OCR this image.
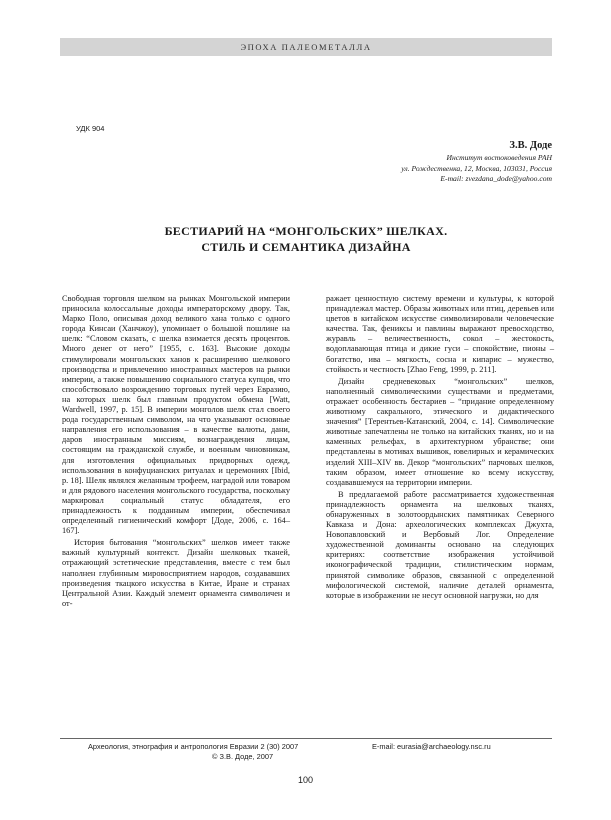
ЭПОХА ПАЛЕОМЕТАЛЛА
УДК 904
З.В. Доде
Институт востоковедения РАН
ул. Рождественка, 12, Москва, 103031, Россия
E-mail: zvezdana_dode@yahoo.com
БЕСТИАРИЙ НА “МОНГОЛЬСКИХ” ШЕЛКАХ.
СТИЛЬ И СЕМАНТИКА ДИЗАЙНА

Свободная торговля шелком на рынках Монгольской империи приносила колоссальные доходы императорскому двору. Так, Марко Поло, описывая доход великого хана только с одного города Кинсаи (Ханчжоу), упоминает о большой пошлине на шелк: “Словом сказать, с шелка взимается десять процентов. Много денег от него” [1955, с. 163]. Высокие доходы стимулировали монгольских ханов к расширению шелкового производства и привлечению иностранных мастеров на рынки империи, а также повышению социального статуса купцов, что способствовало возрождению торговых путей через Евразию, на которых шелк был главным продуктом обмена [Watt, Wardwell, 1997, p. 15]. В империи монголов шелк стал своего рода государственным символом, на что указывают основные направления его использования – в качестве валюты, дани, даров иностранным миссиям, вознаграждения лицам, состоящим на гражданской службе, и военным чиновникам, для изготовления официальных придворных одежд, использования в конфуцианских ритуалах и церемониях [Ibid, p. 18]. Шелк являлся желанным трофеем, наградой или товаром и для рядового населения монгольского государства, поскольку маркировал социальный статус обладателя, его принадлежность к подданным империи, обеспечивал определенный гигиенический комфорт [Доде, 2006, с. 164–167].

История бытования “монгольских” шелков имеет также важный культурный контекст. Дизайн шелковых тканей, отражающий эстетические представления, вместе с тем был наполнен глубинным мировосприятием народов, создававших произведения ткацкого искусства в Китае, Иране и странах Центральной Азии. Каждый элемент орнамента символичен и от-

ражает ценностную систему времени и культуры, к которой принадлежал мастер. Образы животных или птиц, деревьев или цветов в китайском искусстве символизировали человеческие качества. Так, фениксы и павлины выражают превосходство, журавль – величественность, сокол – жестокость, водоплавающая птица и дикие гуси – спокойствие, пионы – богатство, ива – мягкость, сосна и кипарис – мужество, стойкость и честность [Zhao Feng, 1999, p. 211].

Дизайн средневековых “монгольских” шелков, наполненный символическими существами и предметами, отражает особенность бестариев – “придание определенному животному сакрального, этического и дидактического значения” [Терентьев-Катанский, 2004, с. 14]. Символические животные запечатлены не только на китайских тканях, но и на каменных рельефах, в архитектурном убранстве; они представлены в мотивах вышивок, ювелирных и керамических изделий XIII–XIV вв. Декор “монгольских” парчовых шелков, таким образом, имеет отношение ко всему искусству, создававшемуся на территории империи.

В предлагаемой работе рассматривается художественная принадлежность орнамента на шелковых тканях, обнаруженных в золотоордынских памятниках Северного Кавказа и Дона: археологических комплексах Джухта, Новопавловский и Вербовый Лог. Определение художественной доминанты основано на следующих критериях: соответствие изображения устойчивой иконографической традиции, стилистическим нормам, принятой символике образов, связанной с определенной мифологической системой, наличие деталей орнамента, которые в изображении не несут основной нагрузки, но для

Археология, этнография и антропология Евразии 2 (30) 2007	E-mail: eurasia@archaeology.nsc.ru
© З.В. Доде, 2007
100
